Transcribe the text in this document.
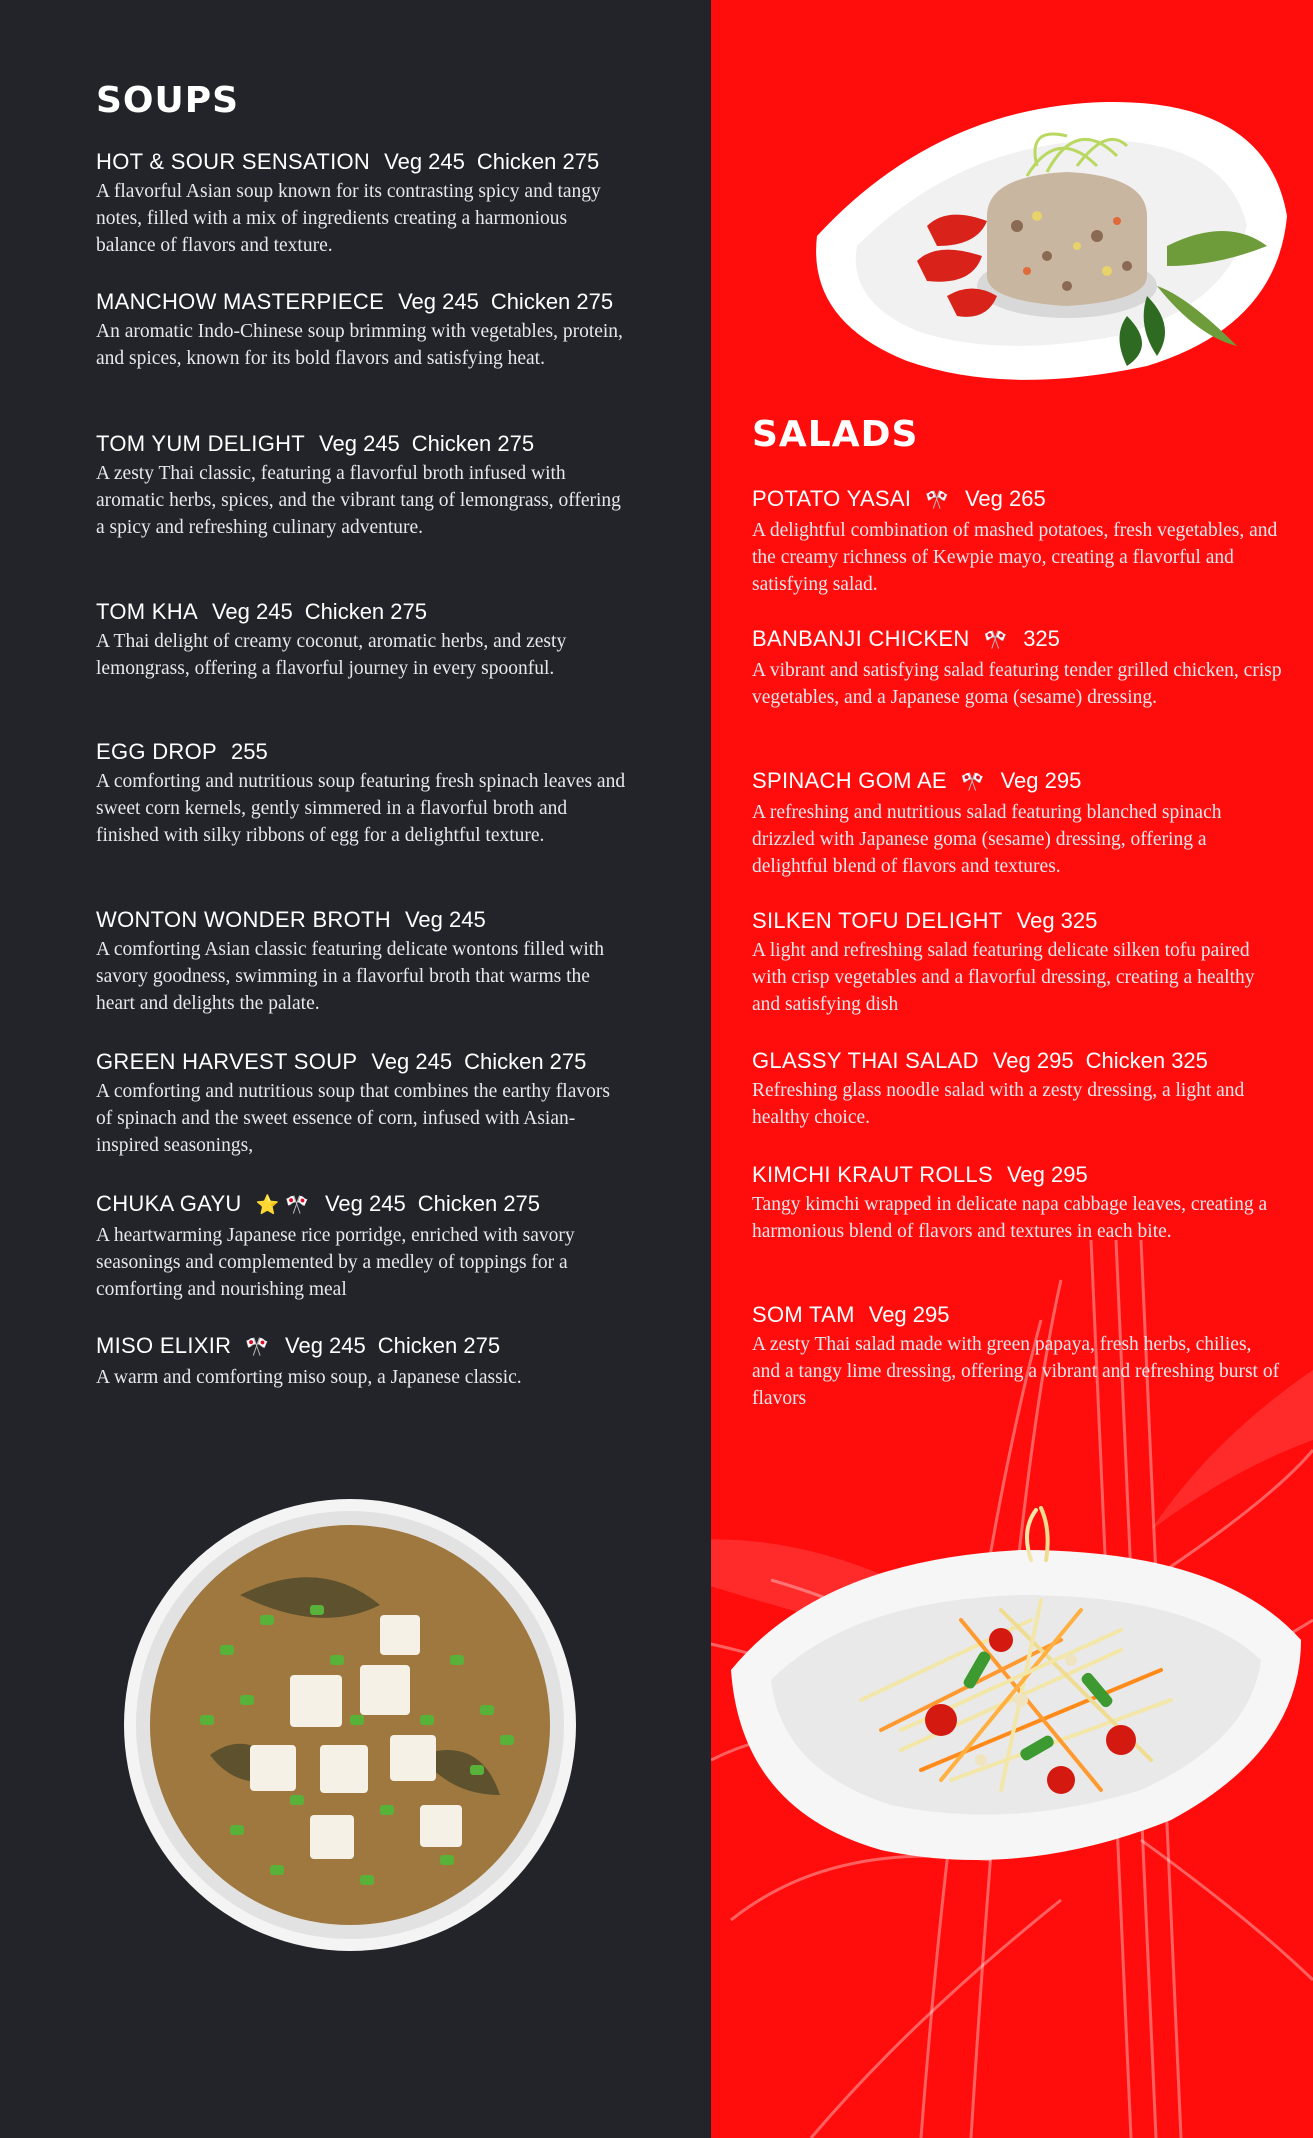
SOUPS
HOT & SOUR SENSATION Veg 245 Chicken 275

A flavorful Asian soup known for its contrasting spicy and tangy notes, filled with a mix of ingredients creating a harmonious balance of flavors and texture.

MANCHOW MASTERPIECE Veg 245 Chicken 275

An aromatic Indo-Chinese soup brimming with vegetables, protein, and spices, known for its bold flavors and satisfying heat.

TOM YUM DELIGHT Veg 245 Chicken 275

A zesty Thai classic, featuring a flavorful broth infused with aromatic herbs, spices, and the vibrant tang of lemongrass, offering a spicy and refreshing culinary adventure.

TOM KHA Veg 245 Chicken 275

A Thai delight of creamy coconut, aromatic herbs, and zesty lemongrass, offering a flavorful journey in every spoonful.

EGG DROP 255

A comforting and nutritious soup featuring fresh spinach leaves and sweet corn kernels, gently simmered in a flavorful broth and finished with silky ribbons of egg for a delightful texture.

WONTON WONDER BROTH Veg 245

A comforting Asian classic featuring delicate wontons filled with savory goodness, swimming in a flavorful broth that warms the heart and delights the palate.

GREEN HARVEST SOUP Veg 245 Chicken 275

A comforting and nutritious soup that combines the earthy flavors of spinach and the sweet essence of corn, infused with Asian-inspired seasonings,

CHUKA GAYU ⭐ 🎌 Veg 245 Chicken 275

A heartwarming Japanese rice porridge, enriched with savory seasonings and complemented by a medley of toppings for a comforting and nourishing meal

MISO ELIXIR 🎌 Veg 245 Chicken 275

A warm and comforting miso soup, a Japanese classic.

SALADS
POTATO YASAI 🎌 Veg 265

A delightful combination of mashed potatoes, fresh vegetables, and the creamy richness of Kewpie mayo, creating a flavorful and satisfying salad.

BANBANJI CHICKEN 🎌 325

A vibrant and satisfying salad featuring tender grilled chicken, crisp vegetables, and a Japanese goma (sesame) dressing.

SPINACH GOM AE 🎌 Veg 295

A refreshing and nutritious salad featuring blanched spinach drizzled with Japanese goma (sesame) dressing, offering a delightful blend of flavors and textures.

SILKEN TOFU DELIGHT Veg 325

A light and refreshing salad featuring delicate silken tofu paired with crisp vegetables and a flavorful dressing, creating a healthy and satisfying dish

GLASSY THAI SALAD Veg 295 Chicken 325

Refreshing glass noodle salad with a zesty dressing, a light and healthy choice.

KIMCHI KRAUT ROLLS Veg 295

Tangy kimchi wrapped in delicate napa cabbage leaves, creating a harmonious blend of flavors and textures in each bite.

SOM TAM Veg 295

A zesty Thai salad made with green papaya, fresh herbs, chilies, and a tangy lime dressing, offering a vibrant and refreshing burst of flavors
